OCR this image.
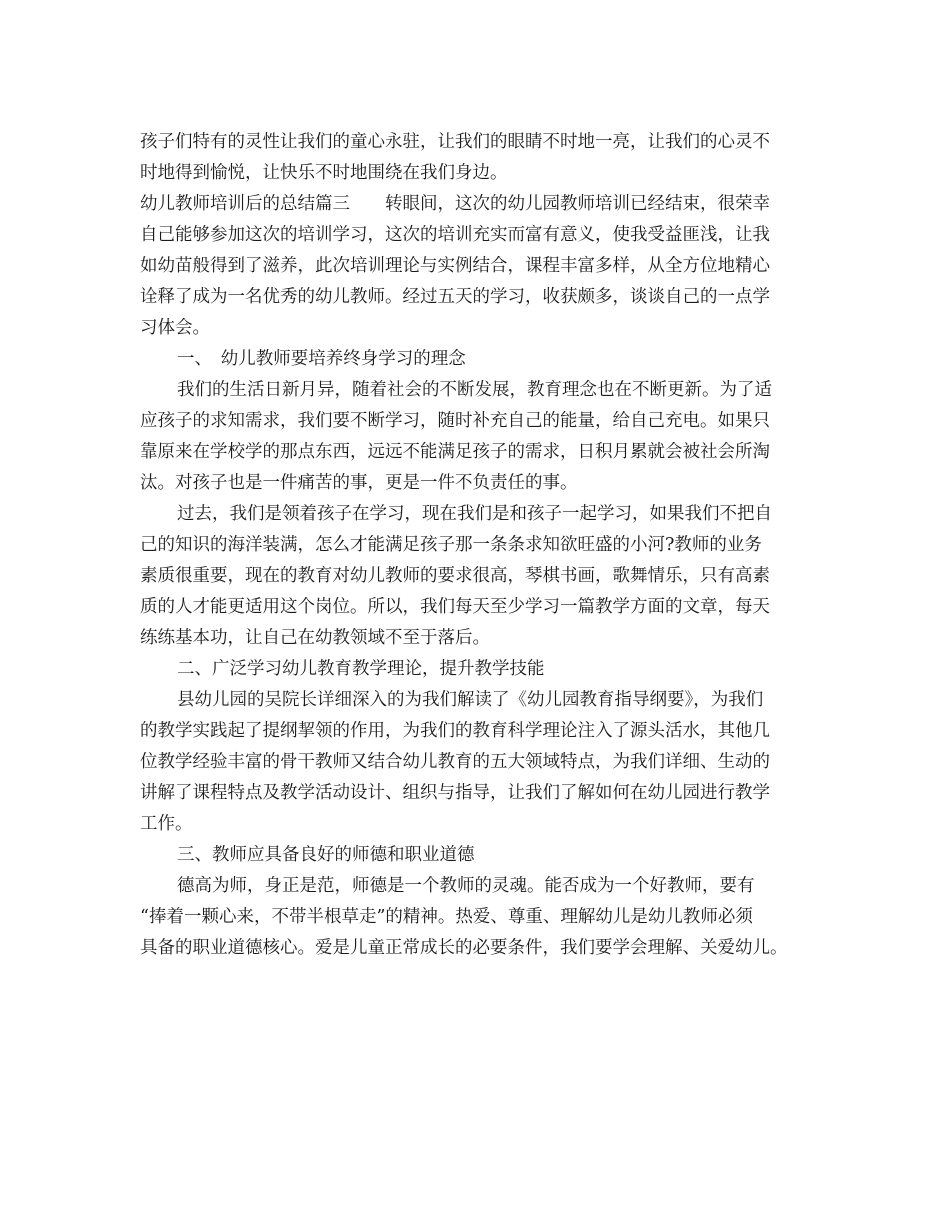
孩子们特有的灵性让我们的童心永驻，让我们的眼睛不时地一亮，让我们的心灵不
时地得到愉悦，让快乐不时地围绕在我们身边。
幼儿教师培训后的总结篇三　　转眼间，这次的幼儿园教师培训已经结束，很荣幸
自己能够参加这次的培训学习，这次的培训充实而富有意义，使我受益匪浅，让我
如幼苗般得到了滋养，此次培训理论与实例结合，课程丰富多样，从全方位地精心
诠释了成为一名优秀的幼儿教师。经过五天的学习，收获颇多，谈谈自己的一点学
习体会。
一、　幼儿教师要培养终身学习的理念
我们的生活日新月异，随着社会的不断发展，教育理念也在不断更新。为了适
应孩子的求知需求，我们要不断学习，随时补充自己的能量，给自己充电。如果只
靠原来在学校学的那点东西，远远不能满足孩子的需求，日积月累就会被社会所淘
汰。对孩子也是一件痛苦的事，更是一件不负责任的事。
过去，我们是领着孩子在学习，现在我们是和孩子一起学习，如果我们不把自
己的知识的海洋装满，怎么才能满足孩子那一条条求知欲旺盛的小河?教师的业务
素质很重要，现在的教育对幼儿教师的要求很高，琴棋书画，歌舞情乐，只有高素
质的人才能更适用这个岗位。所以，我们每天至少学习一篇教学方面的文章，每天
练练基本功，让自己在幼教领域不至于落后。
二、广泛学习幼儿教育教学理论，提升教学技能
县幼儿园的吴院长详细深入的为我们解读了《幼儿园教育指导纲要》，为我们
的教学实践起了提纲挈领的作用，为我们的教育科学理论注入了源头活水，其他几
位教学经验丰富的骨干教师又结合幼儿教育的五大领域特点，为我们详细、生动的
讲解了课程特点及教学活动设计、组织与指导，让我们了解如何在幼儿园进行教学
工作。
三、教师应具备良好的师德和职业道德
德高为师，身正是范，师德是一个教师的灵魂。能否成为一个好教师，要有
“捧着一颗心来，不带半根草走”的精神。热爱、尊重、理解幼儿是幼儿教师必须
具备的职业道德核心。爱是儿童正常成长的必要条件，我们要学会理解、关爱幼儿。
